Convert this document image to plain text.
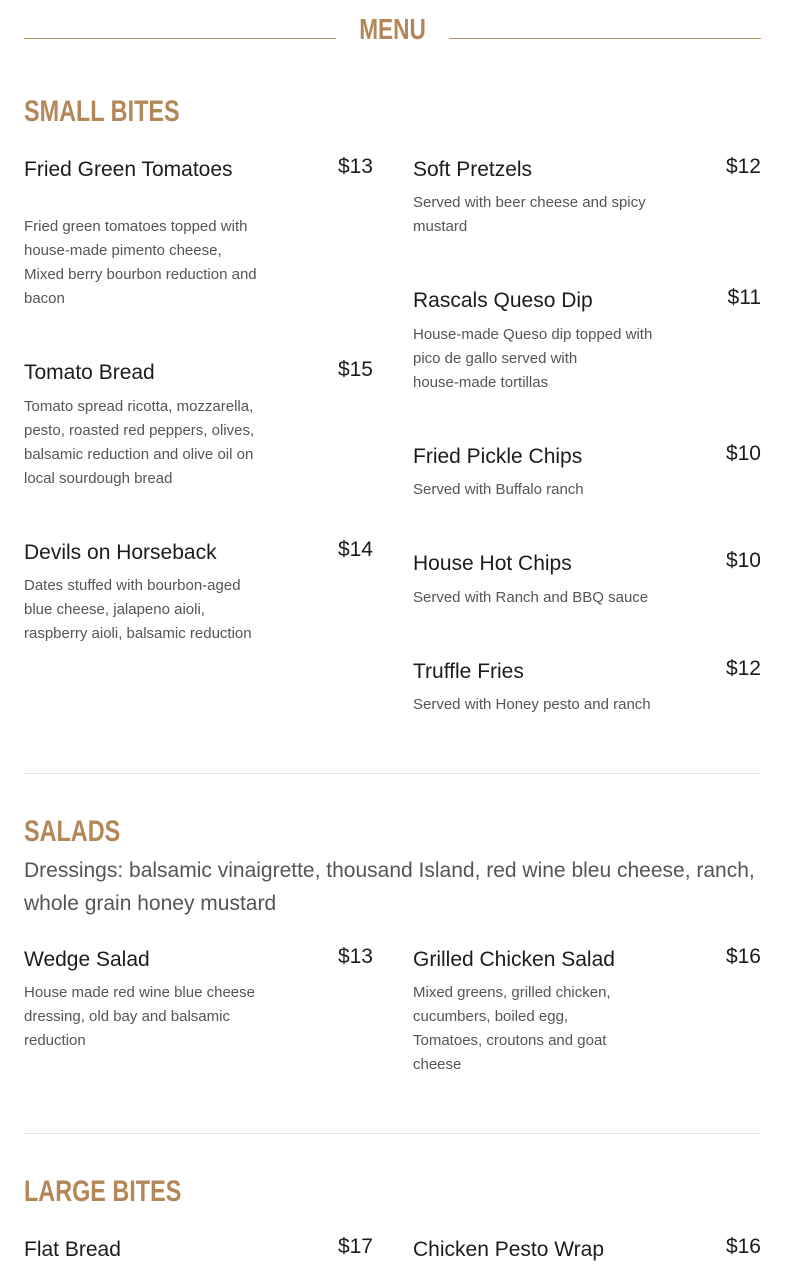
MENU
SMALL BITES
Fried Green Tomatoes	$13
Fried green tomatoes topped with
house-made pimento cheese,
Mixed berry bourbon reduction and
bacon
Tomato Bread	$15
Tomato spread ricotta, mozzarella,
pesto, roasted red peppers, olives,
balsamic reduction and olive oil on
local sourdough bread
Devils on Horseback	$14
Dates stuffed with bourbon-aged
blue cheese, jalapeno aioli,
raspberry aioli, balsamic reduction
Soft Pretzels	$12
Served with beer cheese and spicy
mustard
Rascals Queso Dip	$11
House-made Queso dip topped with
pico de gallo served with
house-made tortillas
Fried Pickle Chips	$10
Served with Buffalo ranch
House Hot Chips	$10
Served with Ranch and BBQ sauce
Truffle Fries	$12
Served with Honey pesto and ranch
SALADS
Dressings: balsamic vinaigrette, thousand Island, red wine bleu cheese, ranch, whole grain honey mustard
Wedge Salad	$13
House made red wine blue cheese
dressing, old bay and balsamic
reduction
Grilled Chicken Salad	$16
Mixed greens, grilled chicken,
cucumbers, boiled egg,
Tomatoes, croutons and goat
cheese
LARGE BITES
Flat Bread	$17 Chicken Pesto Wrap	$16
